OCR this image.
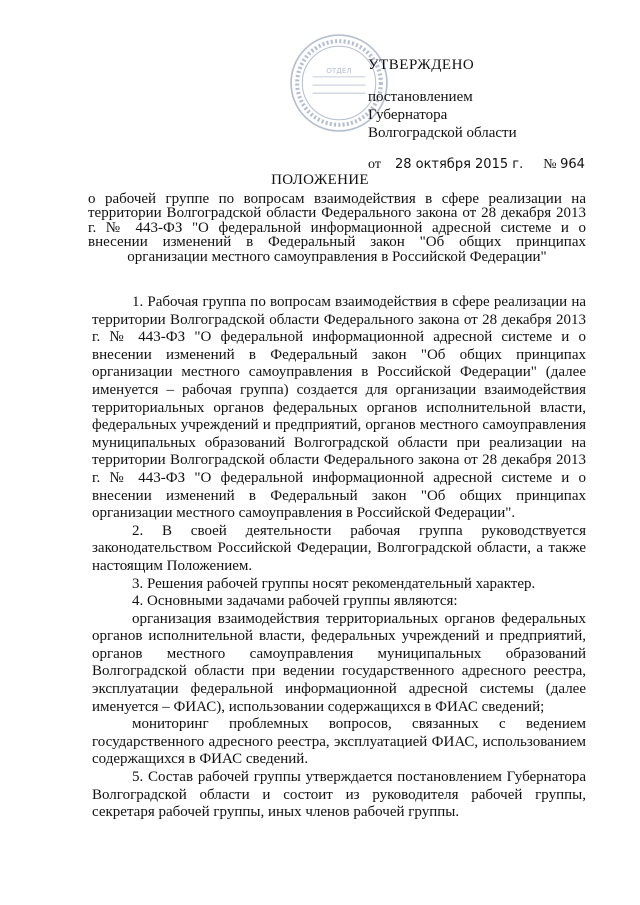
ОТДЕЛ УТВЕРЖДЕНО
постановлением
Губернатора
Волгоградской области
от 28 октября 2015 г. № 964
ПОЛОЖЕНИЕ
о рабочей группе по вопросам взаимодействия в сфере реализации на территории Волгоградской области Федерального закона от 28 декабря 2013 г. № 443-ФЗ "О федеральной информационной адресной системе и о внесении изменений в Федеральный закон "Об общих принципах организации местного самоуправления в Российской Федерации"

1. Рабочая группа по вопросам взаимодействия в сфере реализации на территории Волгоградской области Федерального закона от 28 декабря 2013 г. № 443-ФЗ "О федеральной информационной адресной системе и о внесении изменений в Федеральный закон "Об общих принципах организации местного самоуправления в Российской Федерации" (далее именуется – рабочая группа) создается для организации взаимодействия территориальных органов федеральных органов исполнительной власти, федеральных учреждений и предприятий, органов местного самоуправления муниципальных образований Волгоградской области при реализации на территории Волгоградской области Федерального закона от 28 декабря 2013 г. № 443-ФЗ "О федеральной информационной адресной системе и о внесении изменений в Федеральный закон "Об общих принципах организации местного самоуправления в Российской Федерации".

2. В своей деятельности рабочая группа руководствуется законодательством Российской Федерации, Волгоградской области, а также настоящим Положением.

3. Решения рабочей группы носят рекомендательный характер.

4. Основными задачами рабочей группы являются:

организация взаимодействия территориальных органов федеральных органов исполнительной власти, федеральных учреждений и предприятий, органов местного самоуправления муниципальных образований Волгоградской области при ведении государственного адресного реестра, эксплуатации федеральной информационной адресной системы (далее именуется – ФИАС), использовании содержащихся в ФИАС сведений;

мониторинг проблемных вопросов, связанных с ведением государственного адресного реестра, эксплуатацией ФИАС, использованием содержащихся в ФИАС сведений.

5. Состав рабочей группы утверждается постановлением Губернатора Волгоградской области и состоит из руководителя рабочей группы, секретаря рабочей группы, иных членов рабочей группы.
